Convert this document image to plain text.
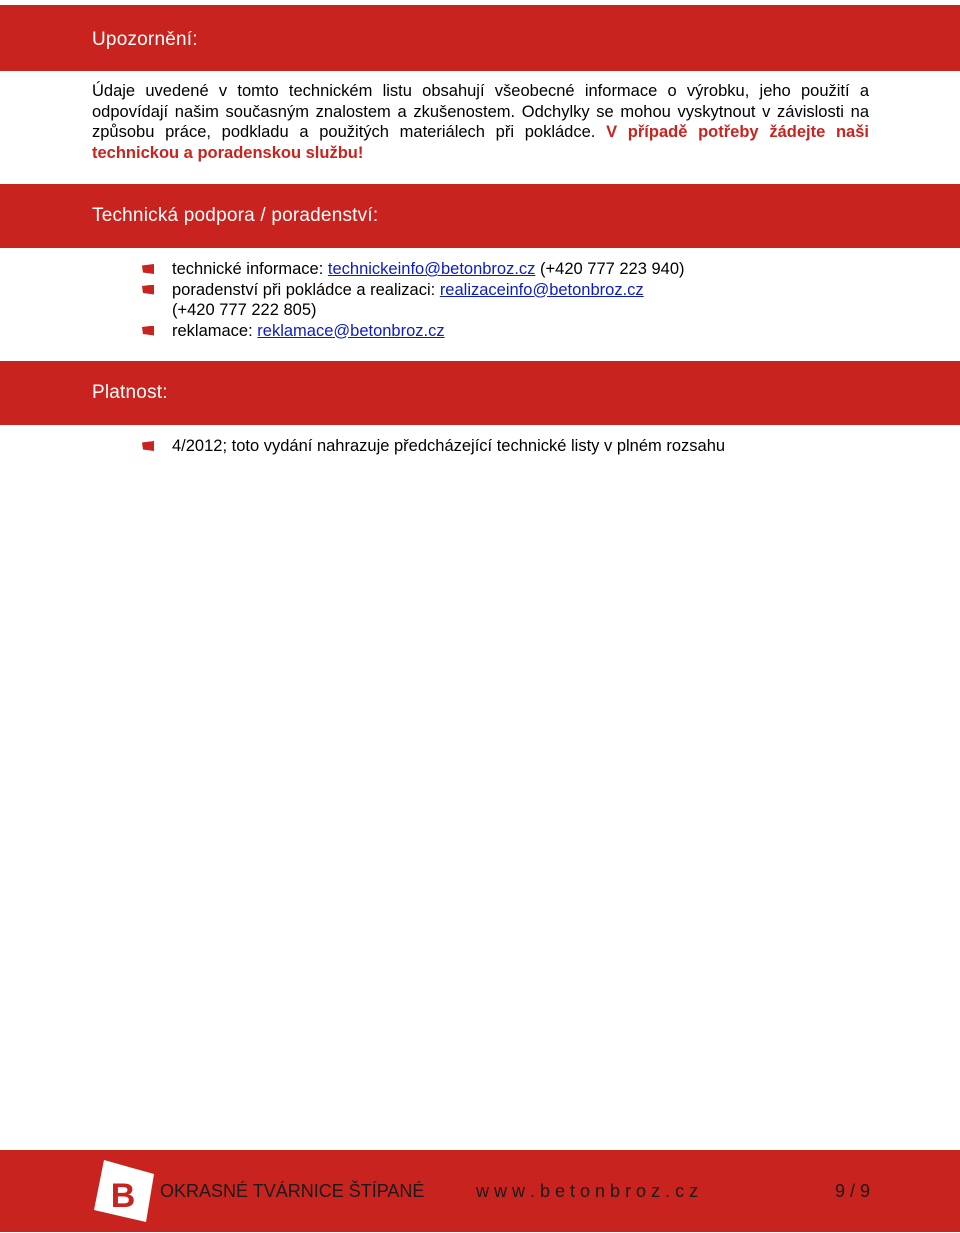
Upozornění:
Údaje uvedené v tomto technickém listu obsahují všeobecné informace o výrobku, jeho použití a odpovídají našim současným znalostem a zkušenostem. Odchylky se mohou vyskytnout v závislosti na způsobu práce, podkladu a použitých materiálech při pokládce. V případě potřeby žádejte naši technickou a poradenskou službu!
Technická podpora / poradenství:
technické informace: technickeinfo@betonbroz.cz (+420 777 223 940)
poradenství při pokládce a realizaci: realizaceinfo@betonbroz.cz
(+420 777 222 805)
reklamace: reklamace@betonbroz.cz
Platnost:
4/2012; toto vydání nahrazuje předcházející technické listy v plném rozsahu
B OKRASNÉ TVÁRNICE ŠTÍPANÉ	w w w . b e t o n b r o z . c z	9 / 9
